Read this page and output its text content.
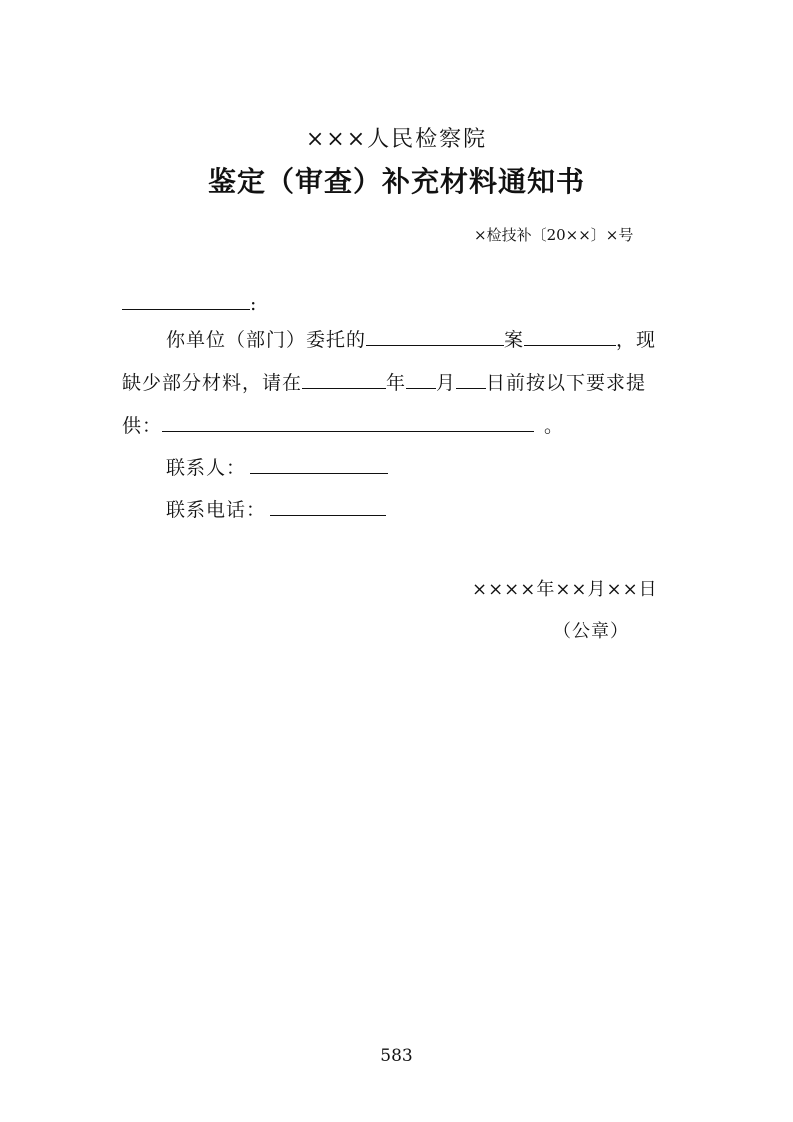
×××人民检察院
鉴定（审查）补充材料通知书
×检技补〔20××〕×号
:
你单位（部门）委托的	案	，现
缺少部分材料，请在	年 月 日前按以下要求提
供：	。
联系人：
联系电话：
××××年××月××日
（公章）
583
